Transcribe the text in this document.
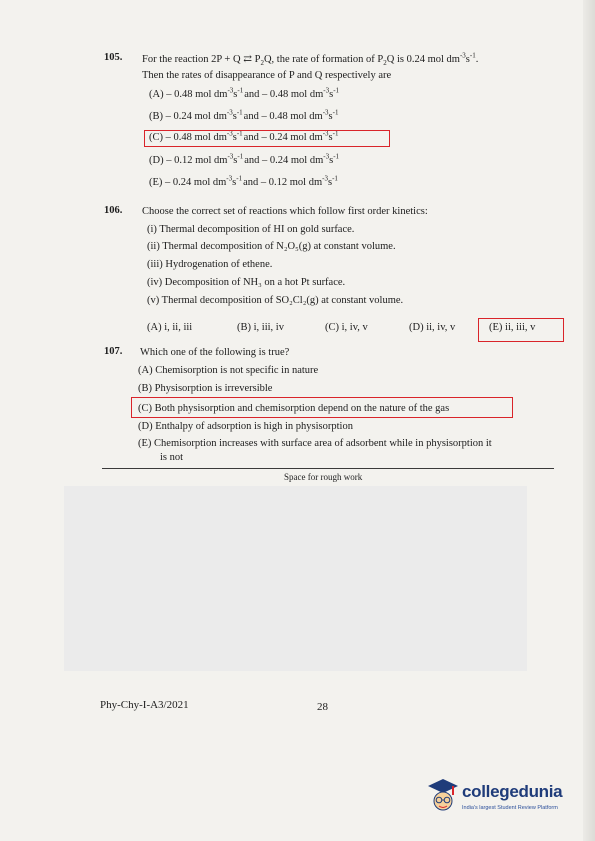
105. For the reaction 2P + Q ⇄ $P_2Q$, the rate of formation of $P_2Q$ is 0.24 mol $dm^{-3}s^{-1}$.
Then the rates of disappearance of P and Q respectively are
(A) – 0.48 mol $dm^{-3}s^{-1}and - 0.48$ mol $dm^{-3}s^{-1}$
(B) – 0.24 mol $dm^{-3}s^{-1}and - 0.48$ mol $dm^{-3}s^{-1}$
(C) – 0.48 mol $dm^{-3}s^{-1}and - 0.24$ mol $dm^{-3}s^{-1}$
(D) – 0.12 mol $dm^{-3}s^{-1}and - 0.24$ mol $dm^{-3}s^{-1}$
(E) – 0.24 mol $dm^{-3}s^{-1}and - 0.12$ mol $dm^{-3}s^{-1}$
106. Choose the correct set of reactions which follow first order kinetics:
(i) Thermal decomposition of HI on gold surface.
(ii) Thermal decomposition of N₂O₅(g) at constant volume.
(iii) Hydrogenation of ethene.
(iv) Decomposition of NH₃ on a hot Pt surface.
(v) Thermal decomposition of SO₂Cl₂(g) at constant volume.
(A) i, ii, iii	(B) i, iii, iv	(C) i, iv, v	(D) ii, iv, v	(E) ii, iii, v
107. Which one of the following is true?
(A) Chemisorption is not specific in nature
(B) Physisorption is irreversible
(C) Both physisorption and chemisorption depend on the nature of the gas
(D) Enthalpy of adsorption is high in physisorption
(E) Chemisorption increases with surface area of adsorbent while in physisorption it
is not
Space for rough work
Phy-Chy-I-A3/2021	28
collegedunia
India's largest Student Review Platform
